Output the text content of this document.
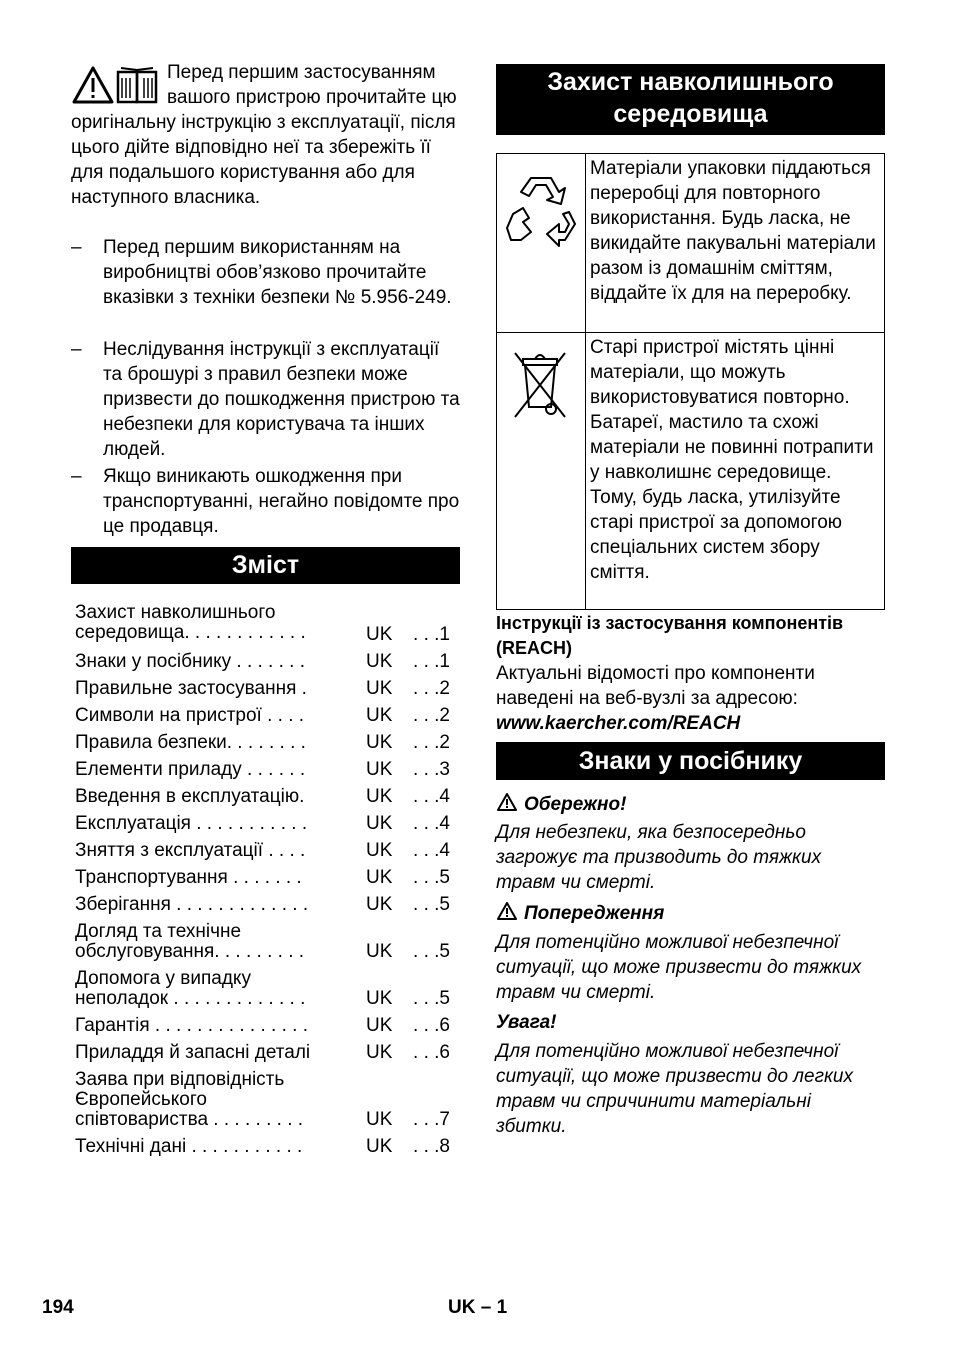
Перед першим застосуванням вашого пристрою прочитайте цю оригінальну інструкцію з експлуатації, після цього дійте відповідно неї та збережіть її для подальшого користування або для наступного власника.
–	Перед першим використанням на виробництві обов’язково прочитайте вказівки з техніки безпеки № 5.956-249.
–	Неслідування інструкції з експлуатації та брошурі з правил безпеки може призвести до пошкодження пристрою та небезпеки для користувача та інших людей.
–	Якщо виникають ошкодження при транспортуванні, негайно повідомте про це продавця.
Зміст
Захист навколишнього середовища. . . . . . . . . . . .	UK . . .1
Знаки у посібнику . . . . . . .	UK . . .1
Правильне застосування .	UK . . .2
Символи на пристрої . . . .	UK . . .2
Правила безпеки. . . . . . . .	UK . . .2
Елементи приладу . . . . . .	UK . . .3
Введення в експлуатацію.	UK . . .4
Експлуатація . . . . . . . . . . .	UK . . .4
Зняття з експлуатації . . . .	UK . . .4
Транспортування . . . . . . .	UK . . .5
Зберігання . . . . . . . . . . . . .	UK . . .5
Догляд та технічне обслуговування. . . . . . . . .	UK . . .5
Допомога у випадку неполадок . . . . . . . . . . . . .	UK . . .5
Гарантія . . . . . . . . . . . . . . .	UK . . .6
Приладдя й запасні деталі	UK . . .6
Заява при відповідність Європейського співтовариства . . . . . . . . .	UK . . .7
Технічні дані . . . . . . . . . . .	UK . . .8
Захист навколишнього середовища
	Матеріали упаковки піддаються переробці для повторного використання. Будь ласка, не викидайте пакувальні матеріали разом із домашнім сміттям, віддайте їх для на переробку.
	Старі пристрої містять цінні матеріали, що можуть використовуватися повторно. Батареї, мастило та схожі матеріали не повинні потрапити у навколишнє середовище. Тому, будь ласка, утилізуйте старі пристрої за допомогою спеціальних систем збору сміття.
Інструкції із застосування компонентів (REACH)
Актуальні відомості про компоненти наведені на веб-вузлі за адресою:
www.kaercher.com/REACH
Знаки у посібнику
Обережно!
Для небезпеки, яка безпосередньо загрожує та призводить до тяжких травм чи смерті.
Попередження
Для потенційно можливої небезпечної ситуації, що може призвести до тяжких травм чи смерті.
Увага!
Для потенційно можливої небезпечної ситуації, що може призвести до легких травм чи спричинити матеріальні збитки.
194	UK – 1
